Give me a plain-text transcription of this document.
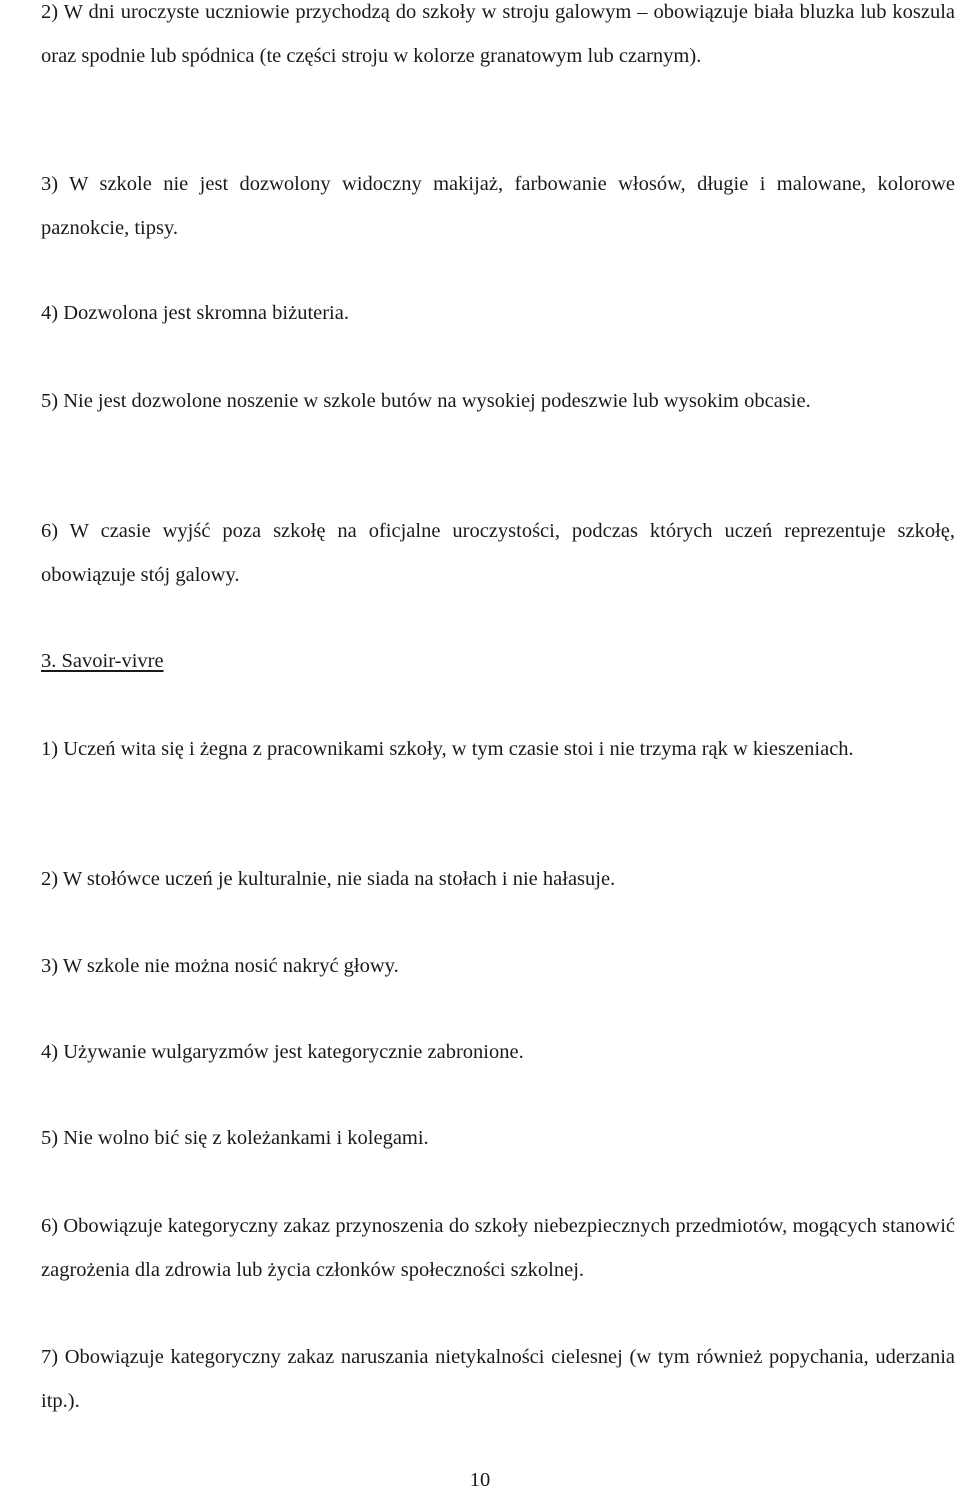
2) W dni uroczyste uczniowie przychodzą do szkoły w stroju galowym – obowiązuje biała bluzka lub koszula oraz spodnie lub spódnica (te części stroju w kolorze granatowym lub czarnym).

3) W szkole nie jest dozwolony widoczny makijaż, farbowanie włosów, długie i malowane, kolorowe paznokcie, tipsy.

4) Dozwolona jest skromna biżuteria.

5) Nie jest dozwolone noszenie w szkole butów na wysokiej podeszwie lub wysokim obcasie.

6) W czasie wyjść poza szkołę na oficjalne uroczystości, podczas których uczeń reprezentuje szkołę, obowiązuje stój galowy.

3. Savoir-vivre

1) Uczeń wita się i żegna z pracownikami szkoły, w tym czasie stoi i nie trzyma rąk w kieszeniach.

2) W stołówce uczeń je kulturalnie, nie siada na stołach i nie hałasuje.

3) W szkole nie można nosić nakryć głowy.

4) Używanie wulgaryzmów jest kategorycznie zabronione.

5) Nie wolno bić się z koleżankami i kolegami.

6) Obowiązuje kategoryczny zakaz przynoszenia do szkoły niebezpiecznych przedmiotów, mogących stanowić zagrożenia dla zdrowia lub życia członków społeczności szkolnej.

7) Obowiązuje kategoryczny zakaz naruszania nietykalności cielesnej (w tym również popychania, uderzania itp.).

10
